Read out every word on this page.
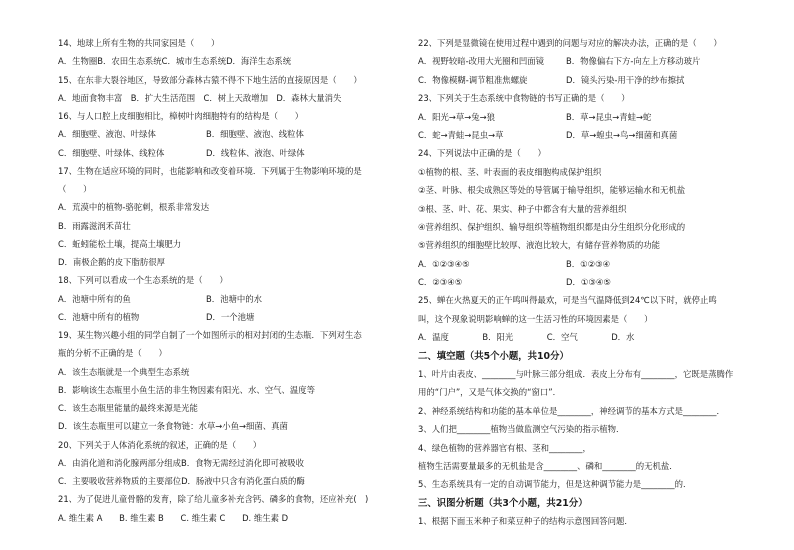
14、地球上所有生物的共同家园是（　　）
A．生物圈B．农田生态系统C．城市生态系统D．海洋生态系统
15、在东非大裂谷地区，导致部分森林古猿不得不下地生活的直接原因是（　　）
A．地面食物丰富　B．扩大生活范围　C．树上天敌增加　D．森林大量消失
16、与人口腔上皮细胞相比，樟树叶肉细胞特有的结构是（　　）
A．细胞壁、液泡、叶绿体	B．细胞壁、液泡、线粒体
C．细胞壁、叶绿体、线粒体	D．线粒体、液泡、叶绿体
17、生物在适应环境的同时，也能影响和改变着环境．下列属于生物影响环境的是
（　　）
A．荒漠中的植物-骆驼刺，根系非常发达
B．雨露滋润禾苗壮
C．蚯蚓能松土壤，提高土壤肥力
D．南极企鹅的皮下脂肪很厚
18、下列可以看成一个生态系统的是（　　）
A．池塘中所有的鱼	B．池塘中的水
C．池塘中所有的植物	D．一个池塘
19、某生物兴趣小组的同学自制了一个如图所示的相对封闭的生态瓶．下列对生态
瓶的分析不正确的是（　　）
A．该生态瓶就是一个典型生态系统
B．影响该生态瓶里小鱼生活的非生物因素有阳光、水、空气、温度等
C．该生态瓶里能量的最终来源是光能
D．该生态瓶里可以建立一条食物链：水草→小鱼→细菌、真菌
20、下列关于人体消化系统的叙述，正确的是（　　）
A．由消化道和消化腺两部分组成B．食物无需经过消化即可被吸收
C．主要吸收营养物质的主要部位D．肠液中只含有消化蛋白质的酶
21、为了促进儿童骨骼的发育，除了给儿童多补充含钙、磷多的食物，还应补充(　)
A. 维生素 A　　B. 维生素 B　　C. 维生素 C　　D. 维生素 D
22、下列是显微镜在使用过程中遇到的问题与对应的解决办法，正确的是（　　）
A．视野较暗-改用大光圈和凹面镜	B．物像偏右下方-向左上方移动玻片
C．物像模糊-调节粗准焦螺旋	D．镜头污染-用干净的纱布擦拭
23、下列关于生态系统中食物链的书写正确的是（　　）
A．阳光→草→兔→狼	B．草→昆虫→青蛙→蛇
C．蛇→青蛙→昆虫→草	D．草→蝗虫→鸟→细菌和真菌
24、下列说法中正确的是（　　）
①植物的根、茎、叶表面的表皮细胞构成保护组织
②茎、叶脉、根尖成熟区等处的导管属于输导组织，能够运输水和无机盐
③根、茎、叶、花、果实、种子中都含有大量的营养组织
④营养组织、保护组织、输导组织等植物组织都是由分生组织分化形成的
⑤营养组织的细胞壁比较厚、液泡比较大，有储存营养物质的功能
A．①②③④⑤	B．①②③④
C．②③④⑤	D．①③④⑤
25、蝉在火热夏天的正午鸣叫得最欢，可是当气温降低到24℃以下时，就停止鸣
叫，这个现象说明影响蝉的这一生活习性的环境因素是（　　）
A．温度　　　　B．阳光　　　　C．空气　　　　D．水
二、填空题（共5个小题，共10分）
1、叶片由表皮、________与叶脉三部分组成．表皮上分布有________，它既是蒸腾作
用的“门户”，又是气体交换的“窗口”．
2、神经系统结构和功能的基本单位是________，神经调节的基本方式是________．
3、人们把________植物当做监测空气污染的指示植物．
4、绿色植物的营养器官有根、茎和________，
植物生活需要量最多的无机盐是含________、磷和________的无机盐．
5、生态系统具有一定的自动调节能力，但是这种调节能力是________的．
三、识图分析题（共3个小题，共21分）
1、根据下面玉米种子和菜豆种子的结构示意图回答问题．
